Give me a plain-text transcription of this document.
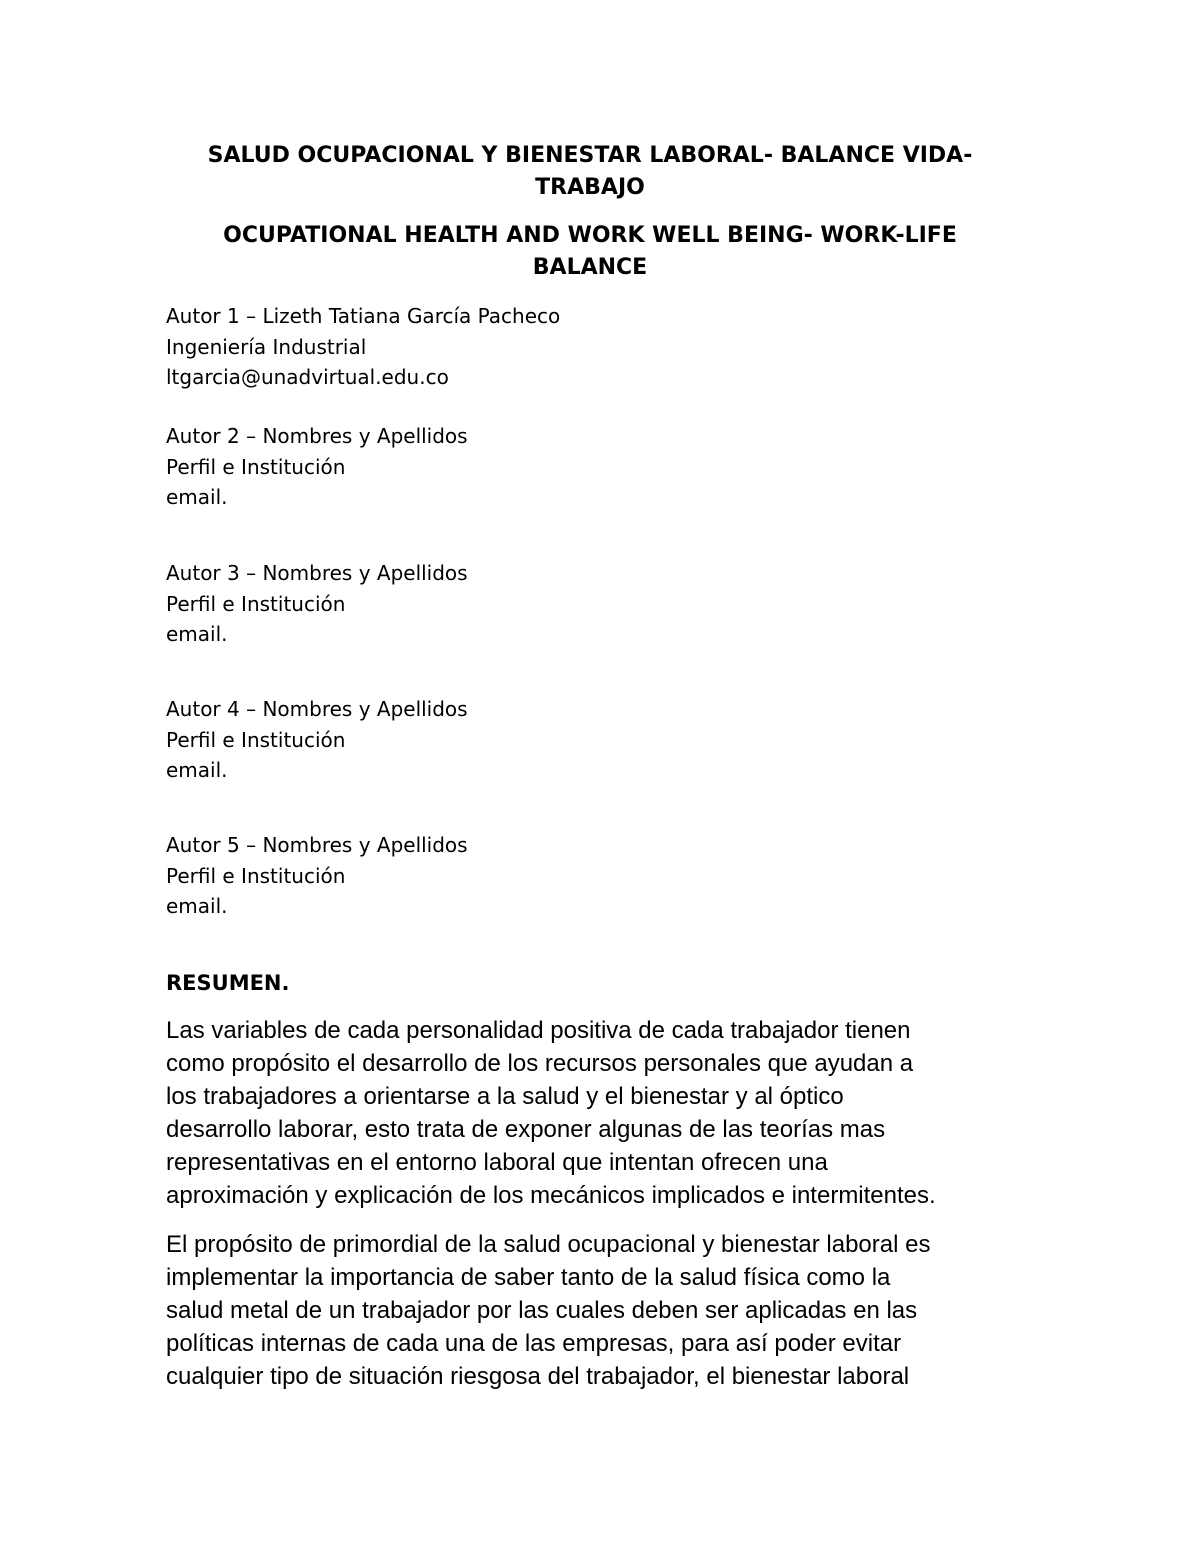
SALUD OCUPACIONAL Y BIENESTAR LABORAL- BALANCE VIDA-
TRABAJO
OCUPATIONAL HEALTH AND WORK WELL BEING- WORK-LIFE
BALANCE
Autor 1 – Lizeth Tatiana García Pacheco
Ingeniería Industrial
ltgarcia@unadvirtual.edu.co
Autor 2 – Nombres y Apellidos
Perfil e Institución
email.
Autor 3 – Nombres y Apellidos
Perfil e Institución
email.
Autor 4 – Nombres y Apellidos
Perfil e Institución
email.
Autor 5 – Nombres y Apellidos
Perfil e Institución
email.
RESUMEN.
Las variables de cada personalidad positiva de cada trabajador tienen
como propósito el desarrollo de los recursos personales que ayudan a
los trabajadores a orientarse a la salud y el bienestar y al óptico
desarrollo laborar, esto trata de exponer algunas de las teorías mas
representativas en el entorno laboral que intentan ofrecen una
aproximación y explicación de los mecánicos implicados e intermitentes.
El propósito de primordial de la salud ocupacional y bienestar laboral es
implementar la importancia de saber tanto de la salud física como la
salud metal de un trabajador por las cuales deben ser aplicadas en las
políticas internas de cada una de las empresas, para así poder evitar
cualquier tipo de situación riesgosa del trabajador, el bienestar laboral
